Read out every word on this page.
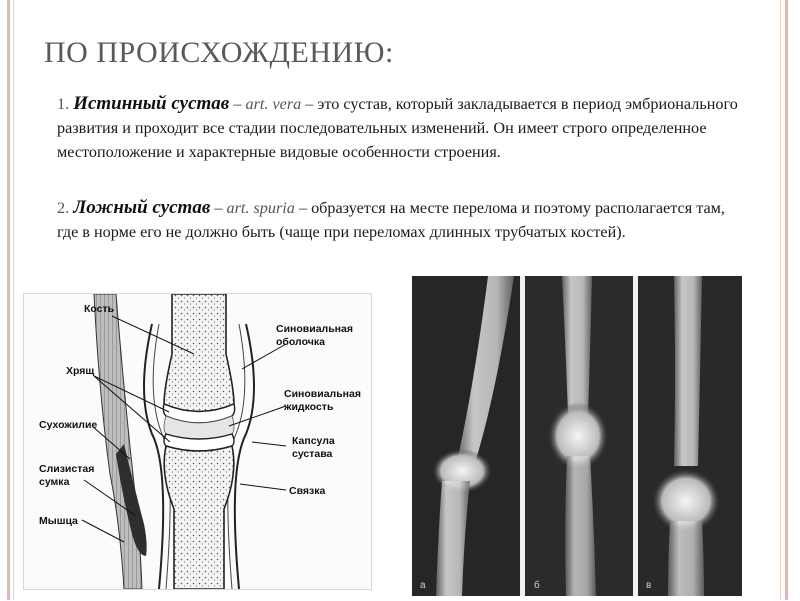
ПО ПРОИСХОЖДЕНИЮ:
1. Истинный сустав – art. vera – это сустав, который закладывается в период эмбрионального развития и проходит все стадии последовательных изменений. Он имеет строго определенное местоположение и характерные видовые особенности строения.
2. Ложный сустав – art. spuria – образуется на месте перелома и поэтому располагается там, где в норме его не должно быть (чаще при переломах длинных трубчатых костей).
Кость
Хрящ
Сухожилие
Слизистая
сумка
Мышца
Синовиальная
оболочка
Синовиальная
жидкость
Капсула
сустава
Связка
а	б	в
